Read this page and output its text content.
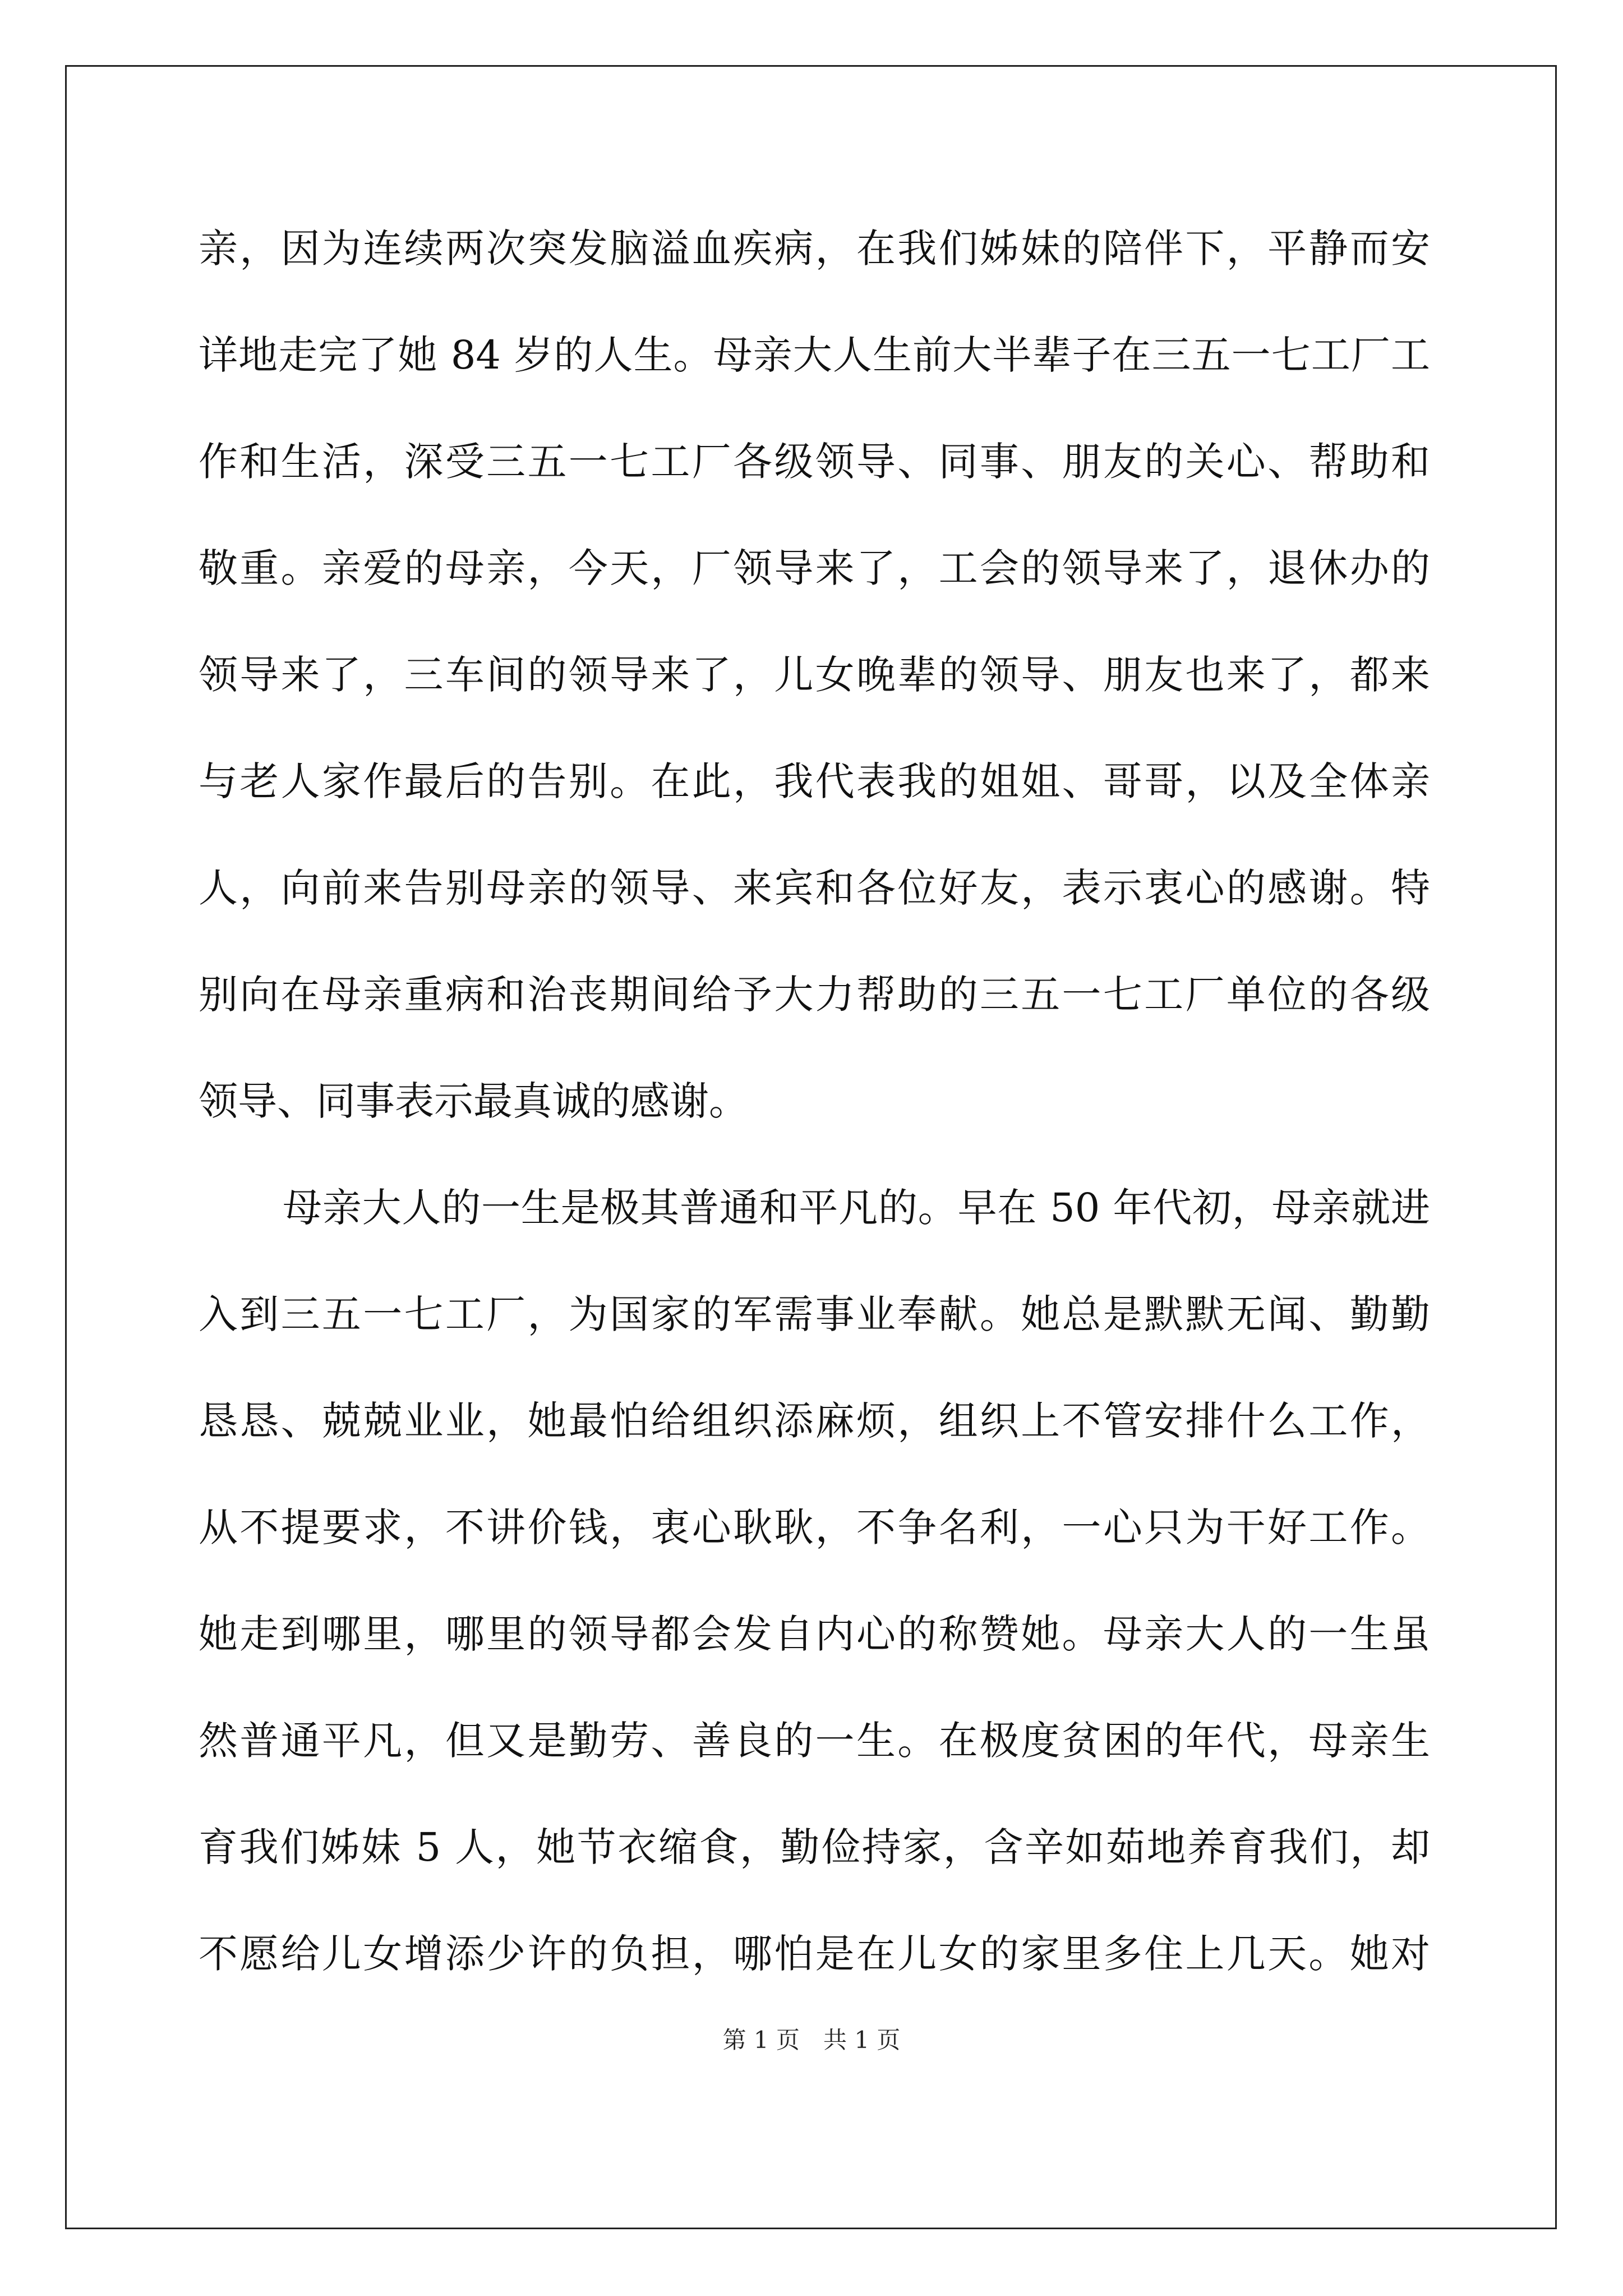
亲，因为连续两次突发脑溢血疾病，在我们姊妹的陪伴下，平静而安
详地走完了她 84 岁的人生。母亲大人生前大半辈子在三五一七工厂工
作和生活，深受三五一七工厂各级领导、同事、朋友的关心、帮助和
敬重。亲爱的母亲，今天，厂领导来了，工会的领导来了，退休办的
领导来了，三车间的领导来了，儿女晚辈的领导、朋友也来了，都来
与老人家作最后的告别。在此，我代表我的姐姐、哥哥，以及全体亲
人，向前来告别母亲的领导、来宾和各位好友，表示衷心的感谢。特
别向在母亲重病和治丧期间给予大力帮助的三五一七工厂单位的各级
领导、同事表示最真诚的感谢。
母亲大人的一生是极其普通和平凡的。早在 50 年代初，母亲就进
入到三五一七工厂，为国家的军需事业奉献。她总是默默无闻、勤勤
恳恳、兢兢业业，她最怕给组织添麻烦，组织上不管安排什么工作，
从不提要求，不讲价钱，衷心耿耿，不争名利，一心只为干好工作。
她走到哪里，哪里的领导都会发自内心的称赞她。母亲大人的一生虽
然普通平凡，但又是勤劳、善良的一生。在极度贫困的年代，母亲生
育我们姊妹 5 人，她节衣缩食，勤俭持家，含辛如茹地养育我们，却
不愿给儿女增添少许的负担，哪怕是在儿女的家里多住上几天。她对
第 1 页　共 1 页
